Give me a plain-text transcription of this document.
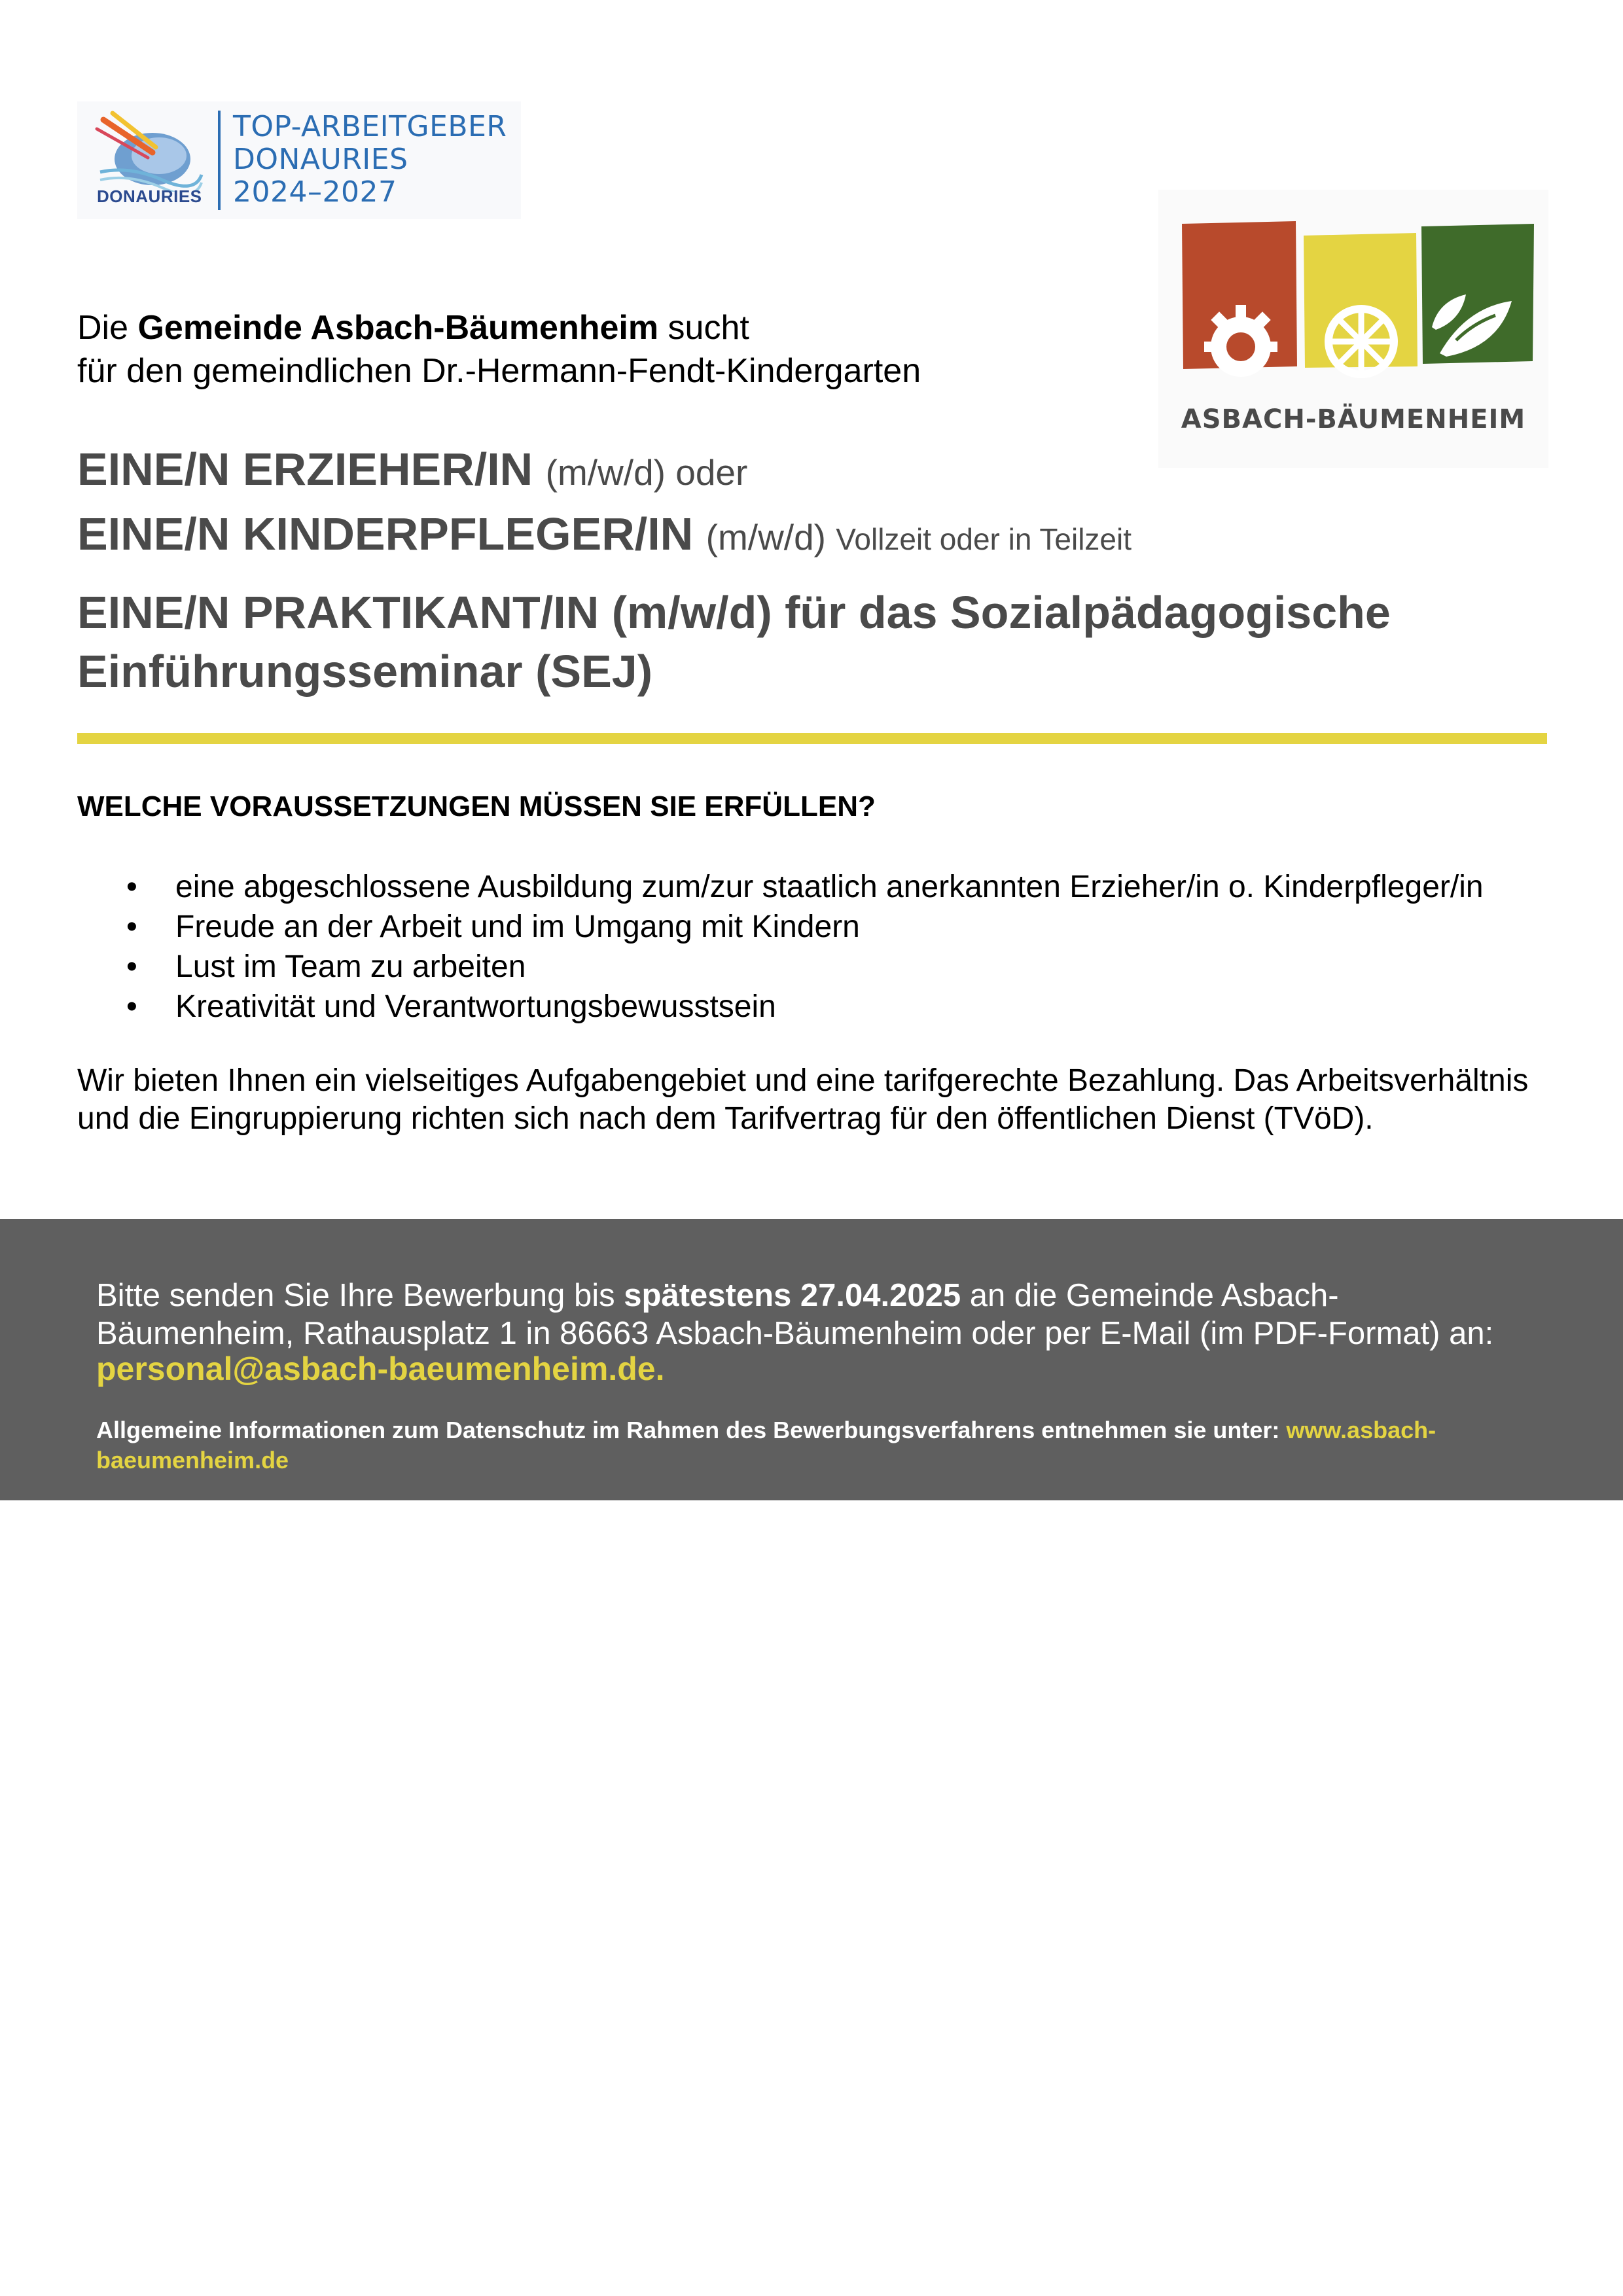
DONAURIES
TOP-ARBEITGEBER
DONAURIES
2024–2027
ASBACH-BÄUMENHEIM
Die Gemeinde Asbach-Bäumenheim sucht
für den gemeindlichen Dr.-Hermann-Fendt-Kindergarten
EINE/N ERZIEHER/IN (m/w/d) oder
EINE/N KINDERPFLEGER/IN (m/w/d) Vollzeit oder in Teilzeit
EINE/N PRAKTIKANT/IN (m/w/d) für das Sozialpädagogische
Einführungsseminar (SEJ)
WELCHE VORAUSSETZUNGEN MÜSSEN SIE ERFÜLLEN?
• eine abgeschlossene Ausbildung zum/zur staatlich anerkannten Erzieher/in o. Kinderpfleger/in
• Freude an der Arbeit und im Umgang mit Kindern
• Lust im Team zu arbeiten
• Kreativität und Verantwortungsbewusstsein
Wir bieten Ihnen ein vielseitiges Aufgabengebiet und eine tarifgerechte Bezahlung. Das Arbeitsverhältnis und die Eingruppierung richten sich nach dem Tarifvertrag für den öffentlichen Dienst (TVöD).
Bitte senden Sie Ihre Bewerbung bis spätestens 27.04.2025 an die Gemeinde Asbach-Bäumenheim, Rathausplatz 1 in 86663 Asbach-Bäumenheim oder per E-Mail (im PDF-Format) an:
personal@asbach-baeumenheim.de.
Allgemeine Informationen zum Datenschutz im Rahmen des Bewerbungsverfahrens entnehmen sie unter: www.asbach-baeumenheim.de
